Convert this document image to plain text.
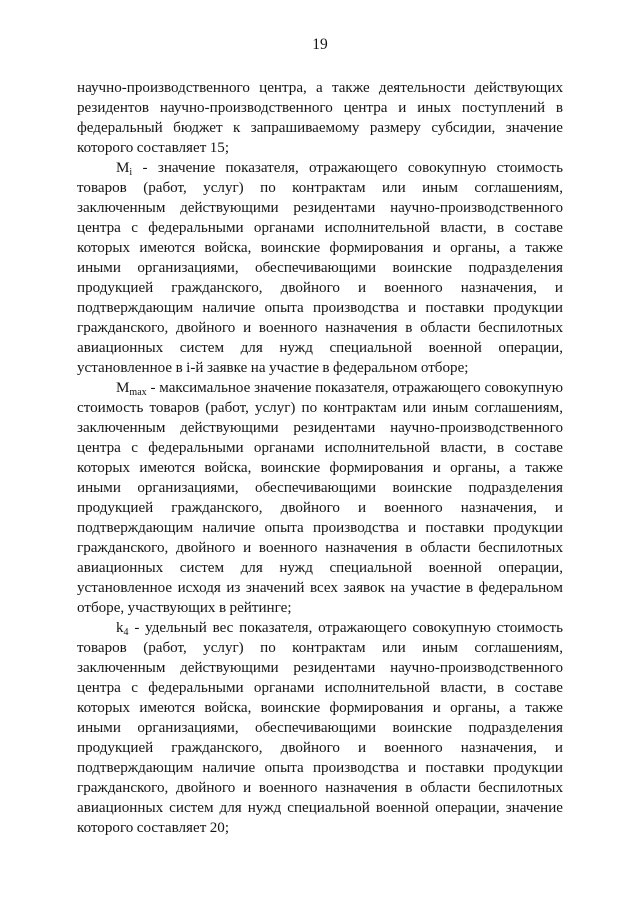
19

научно-производственного центра, а также деятельности действующих резидентов научно-производственного центра и иных поступлений в федеральный бюджет к запрашиваемому размеру субсидии, значение которого составляет 15;

$M_i$ - значение показателя, отражающего совокупную стоимость товаров (работ, услуг) по контрактам или иным соглашениям, заключенным действующими резидентами научно-производственного центра с федеральными органами исполнительной власти, в составе которых имеются войска, воинские формирования и органы, а также иными организациями, обеспечивающими воинские подразделения продукцией гражданского, двойного и военного назначения, и подтверждающим наличие опыта производства и поставки продукции гражданского, двойного и военного назначения в области беспилотных авиационных систем для нужд специальной военной операции, установленное в i-й заявке на участие в федеральном отборе;

$M_{max}$ - максимальное значение показателя, отражающего совокупную стоимость товаров (работ, услуг) по контрактам или иным соглашениям, заключенным действующими резидентами научно-производственного центра с федеральными органами исполнительной власти, в составе которых имеются войска, воинские формирования и органы, а также иными организациями, обеспечивающими воинские подразделения продукцией гражданского, двойного и военного назначения, и подтверждающим наличие опыта производства и поставки продукции гражданского, двойного и военного назначения в области беспилотных авиационных систем для нужд специальной военной операции, установленное исходя из значений всех заявок на участие в федеральном отборе, участвующих в рейтинге;

$k_4$ - удельный вес показателя, отражающего совокупную стоимость товаров (работ, услуг) по контрактам или иным соглашениям, заключенным действующими резидентами научно-производственного центра с федеральными органами исполнительной власти, в составе которых имеются войска, воинские формирования и органы, а также иными организациями, обеспечивающими воинские подразделения продукцией гражданского, двойного и военного назначения, и подтверждающим наличие опыта производства и поставки продукции гражданского, двойного и военного назначения в области беспилотных авиационных систем для нужд специальной военной операции, значение которого составляет 20;
